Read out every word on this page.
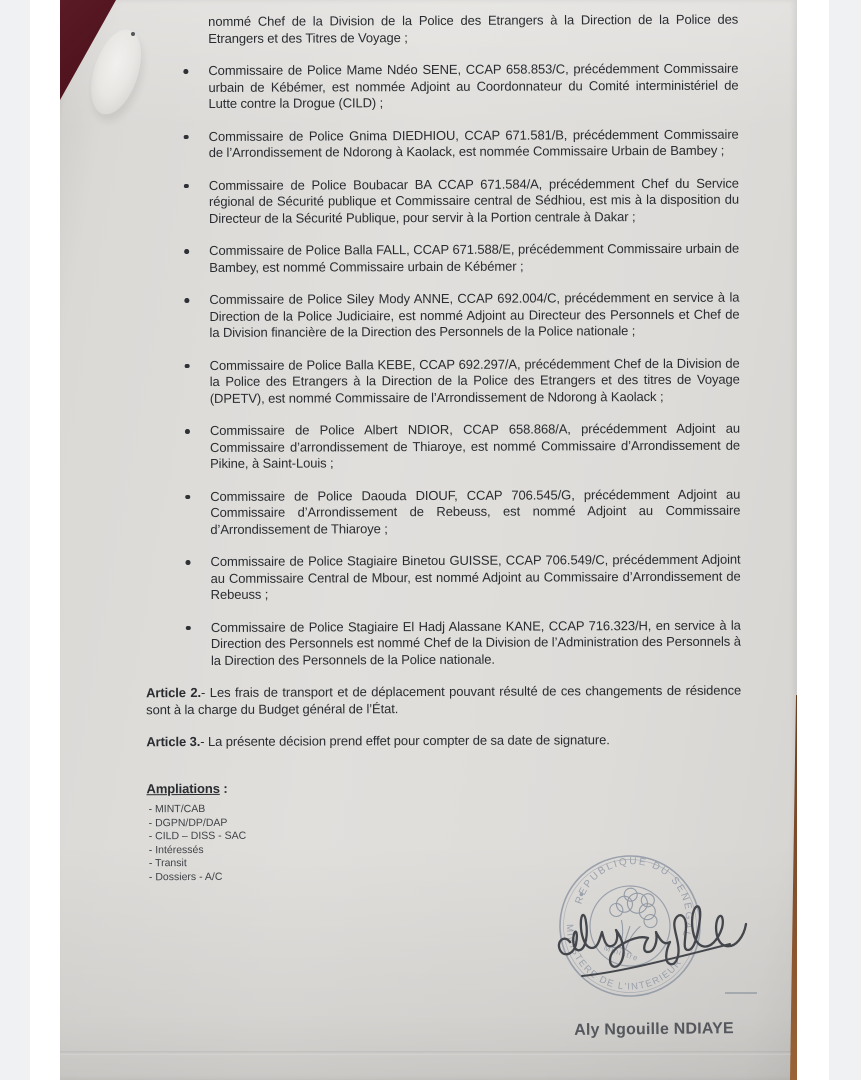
nommé Chef de la Division de la Police des Etrangers à la Direction de la Police des Etrangers et des Titres de Voyage ;

Commissaire de Police Mame Ndéo SENE, CCAP 658.853/C, précédemment Commissaire urbain de Kébémer, est nommée Adjoint au Coordonnateur du Comité interministériel de Lutte contre la Drogue (CILD) ;
Commissaire de Police Gnima DIEDHIOU, CCAP 671.581/B, précédemment Commissaire de l’Arrondissement de Ndorong à Kaolack, est nommée Commissaire Urbain de Bambey ;
Commissaire de Police Boubacar BA CCAP 671.584/A, précédemment Chef du Service régional de Sécurité publique et Commissaire central de Sédhiou, est mis à la disposition du Directeur de la Sécurité Publique, pour servir à la Portion centrale à Dakar ;
Commissaire de Police Balla FALL, CCAP 671.588/E, précédemment Commissaire urbain de Bambey, est nommé Commissaire urbain de Kébémer ;
Commissaire de Police Siley Mody ANNE, CCAP 692.004/C, précédemment en service à la Direction de la Police Judiciaire, est nommé Adjoint au Directeur des Personnels et Chef de la Division financière de la Direction des Personnels de la Police nationale ;
Commissaire de Police Balla KEBE, CCAP 692.297/A, précédemment Chef de la Division de la Police des Etrangers à la Direction de la Police des Etrangers et des titres de Voyage (DPETV), est nommé Commissaire de l’Arrondissement de Ndorong à Kaolack ;
Commissaire de Police Albert NDIOR, CCAP 658.868/A, précédemment Adjoint au Commissaire d’arrondissement de Thiaroye, est nommé Commissaire d’Arrondissement de Pikine, à Saint-Louis ;
Commissaire de Police Daouda DIOUF, CCAP 706.545/G, précédemment Adjoint au Commissaire d’Arrondissement de Rebeuss, est nommé Adjoint au Commissaire d’Arrondissement de Thiaroye ;
Commissaire de Police Stagiaire Binetou GUISSE, CCAP 706.549/C, précédemment Adjoint au Commissaire Central de Mbour, est nommé Adjoint au Commissaire d’Arrondissement de Rebeuss ;
Commissaire de Police Stagiaire El Hadj Alassane KANE, CCAP 716.323/H, en service à la Direction des Personnels est nommé Chef de la Division de l’Administration des Personnels à la Direction des Personnels de la Police nationale.

Article 2.- Les frais de transport et de déplacement pouvant résulté de ces changements de résidence sont à la charge du Budget général de l’État.

Article 3.- La présente décision prend effet pour compter de sa date de signature.

Ampliations :
- MINT/CAB
- DGPN/DP/DAP
- CILD – DISS - SAC
- Intéressés
- Transit
- Dossiers - A/C
REPUBLIQUE DU SENEGAL
MINISTERE DE L'INTERIEUR
Ministre
Aly Ngouille NDIAYE
